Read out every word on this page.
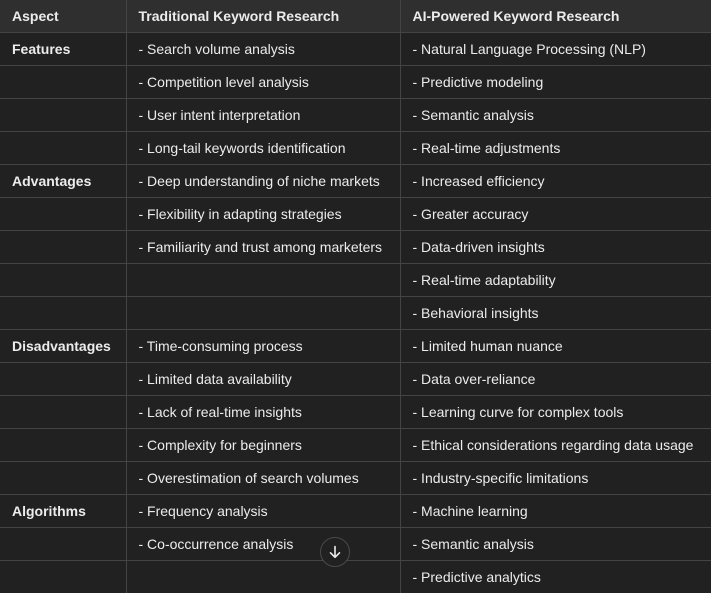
Aspect	Traditional Keyword Research	AI-Powered Keyword Research
Features	- Search volume analysis	- Natural Language Processing (NLP)
	- Competition level analysis	- Predictive modeling
	- User intent interpretation	- Semantic analysis
	- Long-tail keywords identification	- Real-time adjustments
Advantages	- Deep understanding of niche markets	- Increased efficiency
	- Flexibility in adapting strategies	- Greater accuracy
	- Familiarity and trust among marketers	- Data-driven insights
		- Real-time adaptability
		- Behavioral insights
Disadvantages	- Time-consuming process	- Limited human nuance
	- Limited data availability	- Data over-reliance
	- Lack of real-time insights	- Learning curve for complex tools
	- Complexity for beginners	- Ethical considerations regarding data usage
	- Overestimation of search volumes	- Industry-specific limitations
Algorithms	- Frequency analysis	- Machine learning
	- Co-occurrence analysis	- Semantic analysis
		- Predictive analytics
